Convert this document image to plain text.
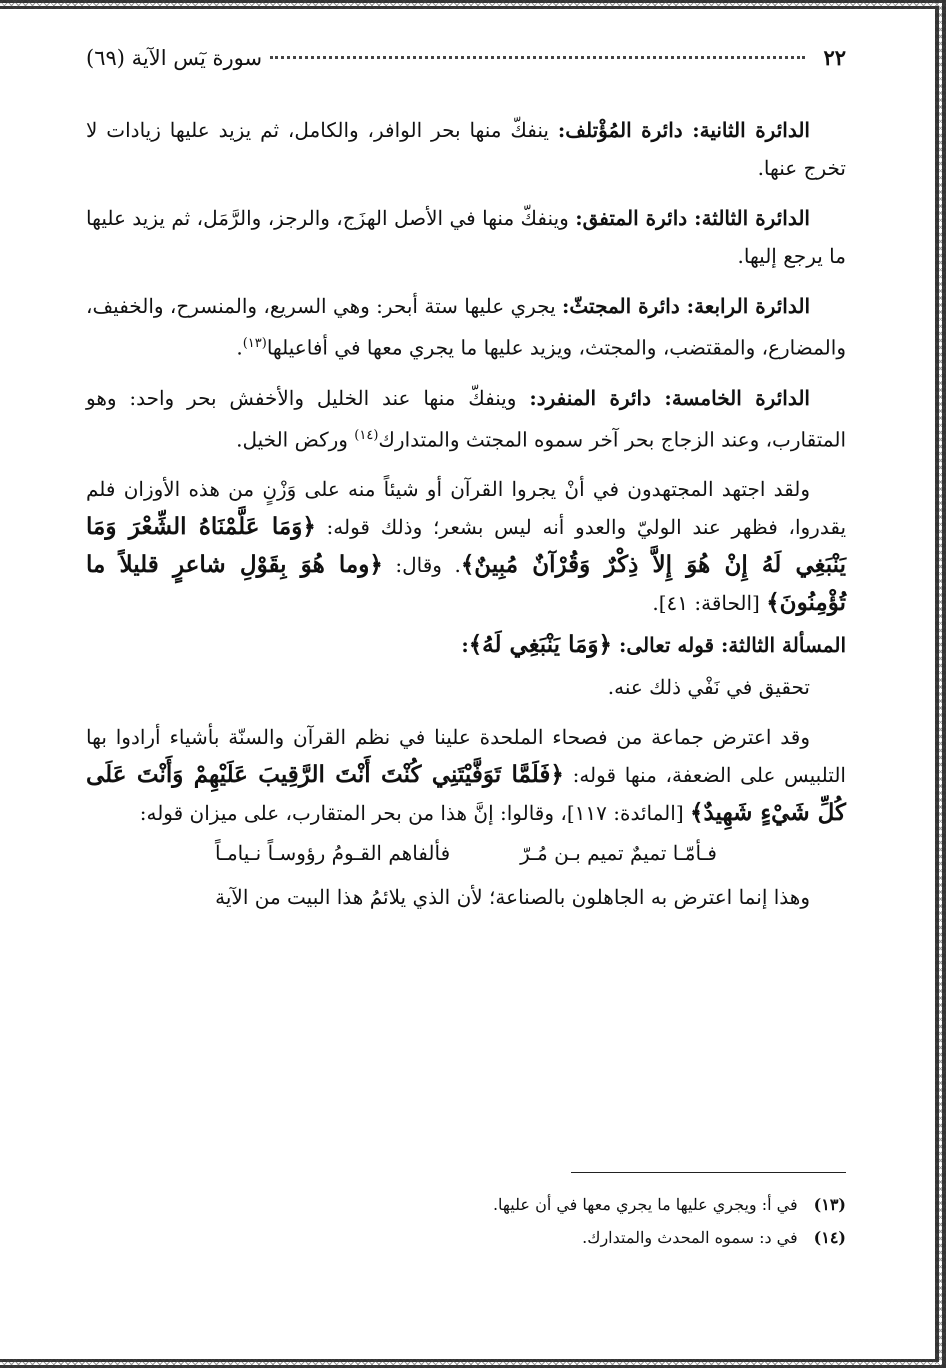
٢٢
سورة يٓس الآية (٦٩)

الدائرة الثانية: دائرة المُؤْتلف: ينفكّ منها بحر الوافر، والكامل، ثم يزيد عليها زيادات لا تخرج عنها.

الدائرة الثالثة: دائرة المتفق: وينفكّ منها في الأصل الهزَج، والرجز، والرَّمَل، ثم يزيد عليها ما يرجع إليها.

الدائرة الرابعة: دائرة المجتثّ: يجري عليها ستة أبحر: وهي السريع، والمنسرح، والخفيف، والمضارع، والمقتضب، والمجتث، ويزيد عليها ما يجري معها في أفاعيلها$^{(١٣)}$.

الدائرة الخامسة: دائرة المنفرد: وينفكّ منها عند الخليل والأخفش بحر واحد: وهو المتقارب، وعند الزجاج بحر آخر سموه المجتث والمتدارك$^{(١٤)}$ وركض الخيل.

ولقد اجتهد المجتهدون في أنْ يجروا القرآن أو شيئاً منه على وَزْنٍ من هذه الأوزان فلم يقدروا، فظهر عند الوليّ والعدو أنه ليس بشعر؛ وذلك قوله: ﴿وَمَا عَلَّمْنَاهُ الشِّعْرَ وَمَا يَنْبَغِي لَهُ إِنْ هُوَ إِلاَّ ذِكْرٌ وَقُرْآنٌ مُبِينٌ﴾. وقال: ﴿وما هُوَ بِقَوْلِ شاعرٍ قليلاً ما تُؤْمِنُونَ﴾ [الحاقة: ٤١].

المسألة الثالثة: قوله تعالى: ﴿وَمَا يَنْبَغِي لَهُ﴾:

تحقيق في نَفْي ذلك عنه.

وقد اعترض جماعة من فصحاء الملحدة علينا في نظم القرآن والسنّة بأشياء أرادوا بها التلبيس على الضعفة، منها قوله: ﴿فَلَمَّا تَوَفَّيْتَنِي كُنْتَ أَنْتَ الرَّقِيبَ عَلَيْهِمْ وَأَنْتَ عَلَى كُلِّ شَيْءٍ شَهِيدٌ﴾ [المائدة: ١١٧]، وقالوا: إنَّ هذا من بحر المتقارب، على ميزان قوله:

فـأمّـا تميمٌ تميم بـن مُـرّ
فألفاهم القـومُ رؤوسـاً نـيامـاً

وهذا إنما اعترض به الجاهلون بالصناعة؛ لأن الذي يلائمُ هذا البيت من الآية

(١٣)
في أ: ويجري عليها ما يجري معها في أن عليها.
(١٤)
في د: سموه المحدث والمتدارك.
